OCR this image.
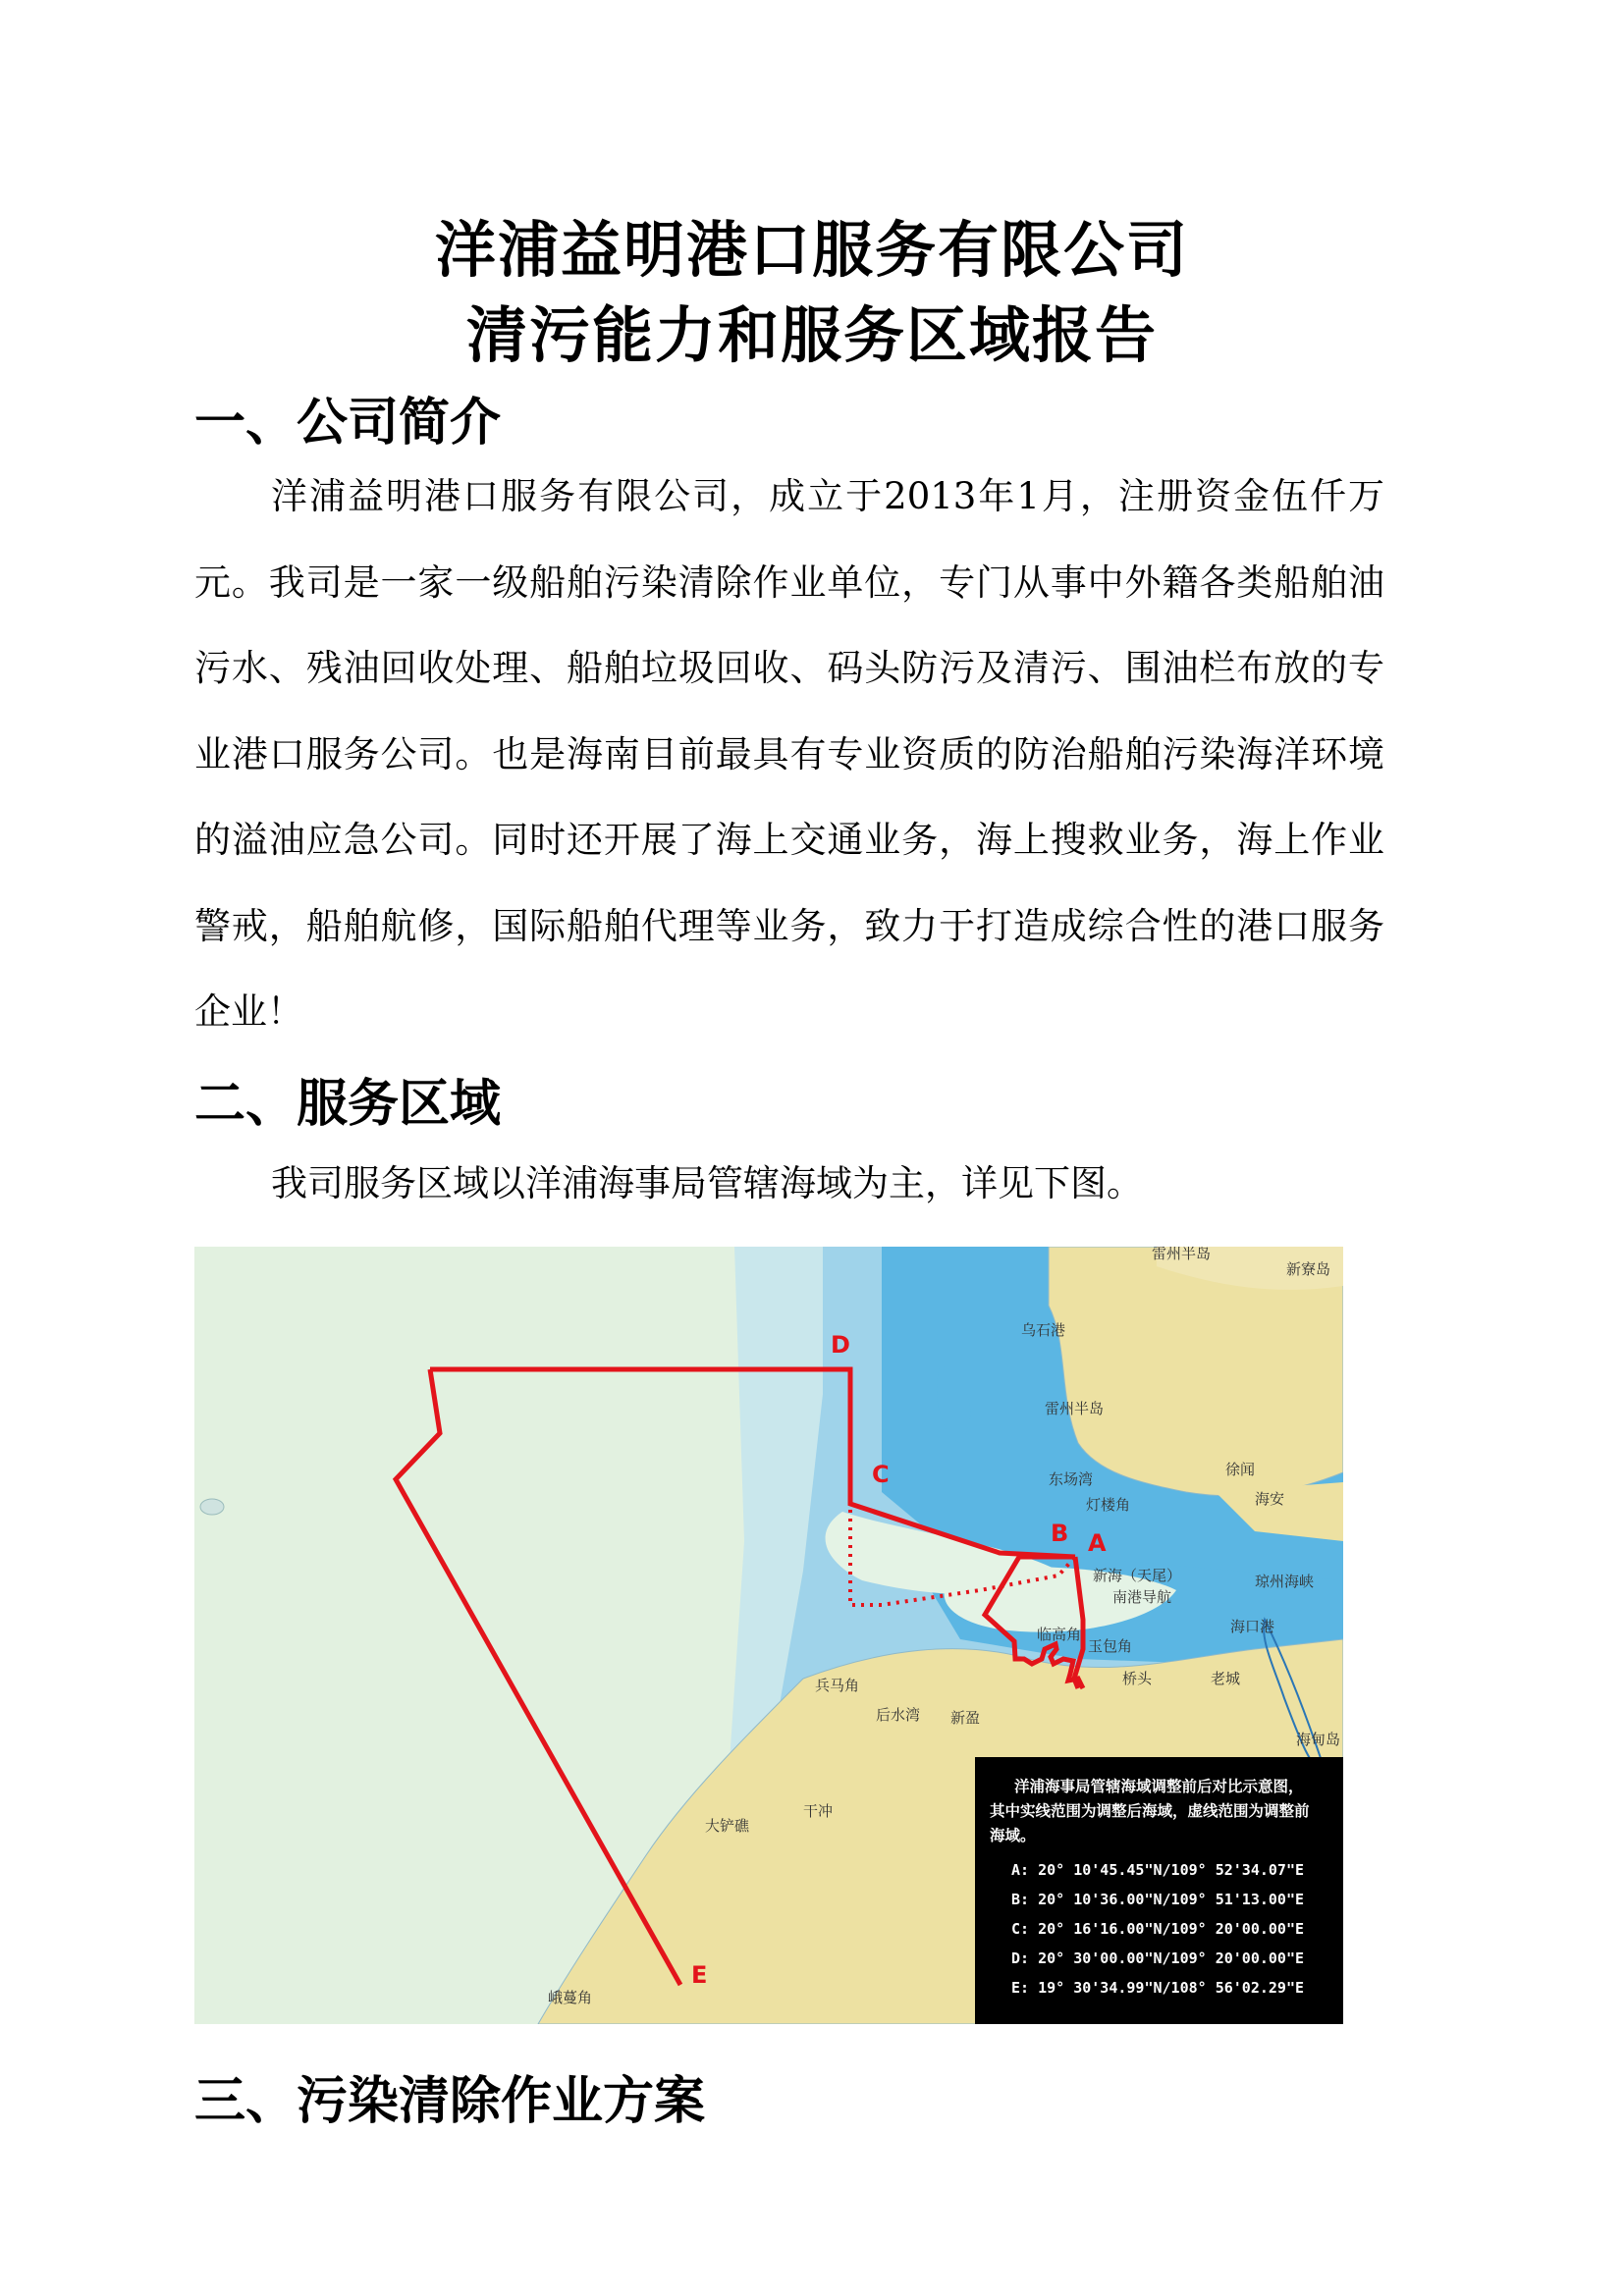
洋浦益明港口服务有限公司
清污能力和服务区域报告
一、公司简介

洋浦益明港口服务有限公司，成立于2013年1月，注册资金伍仟万元。我司是一家一级船舶污染清除作业单位，专门从事中外籍各类船舶油污水、残油回收处理、船舶垃圾回收、码头防污及清污、围油栏布放的专业港口服务公司。也是海南目前最具有专业资质的防治船舶污染海洋环境的溢油应急公司。同时还开展了海上交通业务，海上搜救业务，海上作业警戒，船舶航修，国际船舶代理等业务，致力于打造成综合性的港口服务企业！

二、服务区域

我司服务区域以洋浦海事局管辖海域为主，详见下图。

雷州半岛
新寮岛
乌石港
雷州半岛
徐闻
东场湾
灯楼角	海安
新海（天尾）
南港导航
琼州海峡
临高角
玉包角
海口港
桥头	老城
兵马角
后水湾 新盈
干冲
大铲礁
海甸岛
峨蔓角
A
B
C
D
E
洋浦海事局管辖海域调整前后对比示意图，
其中实线范围为调整后海域，虚线范围为调整前
海域。
A: 20° 10'45.45"N/109° 52'34.07"E
B: 20° 10'36.00"N/109° 51'13.00"E
C: 20° 16'16.00"N/109° 20'00.00"E
D: 20° 30'00.00"N/109° 20'00.00"E
E: 19° 30'34.99"N/108° 56'02.29"E
三、污染清除作业方案
